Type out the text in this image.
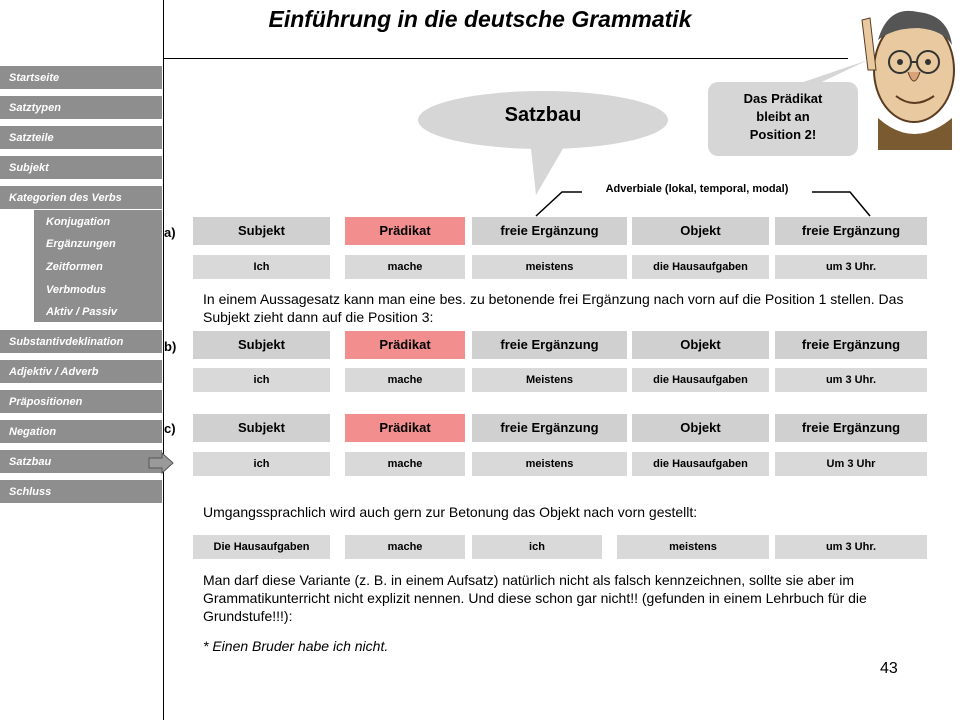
Einführung in die deutsche Grammatik
Startseite
Satztypen
Satzteile
Subjekt
Kategorien des Verbs
Konjugation
Ergänzungen
Zeitformen
Verbmodus
Aktiv / Passiv
Substantivdeklination
Adjektiv / Adverb
Präpositionen
Negation
Satzbau
Schluss
Satzbau
Das Prädikat
bleibt an
Position 2!
Adverbiale (lokal, temporal, modal)
a)	Subjekt	Prädikat	freie Ergänzung	Objekt	freie Ergänzung
Ich	mache	meistens	die Hausaufgaben	um 3 Uhr.
In einem Aussagesatz kann man eine bes. zu betonende frei Ergänzung nach vorn auf die Position 1 stellen. Das Subjekt zieht dann auf die Position 3:
b)	Subjekt	Prädikat	freie Ergänzung	Objekt	freie Ergänzung
ich	mache	Meistens	die Hausaufgaben	um 3 Uhr.
c)	Subjekt	Prädikat	freie Ergänzung	Objekt	freie Ergänzung
ich	mache	meistens	die Hausaufgaben	Um 3 Uhr
Umgangssprachlich wird auch gern zur Betonung das Objekt nach vorn gestellt:
Die Hausaufgaben	mache	ich	meistens	um 3 Uhr.
Man darf diese Variante (z. B. in einem Aufsatz) natürlich nicht als falsch kennzeichnen, sollte sie aber im Grammatikunterricht nicht explizit nennen. Und diese schon gar nicht!! (gefunden in einem Lehrbuch für die Grundstufe!!!):
* Einen Bruder habe ich nicht.
43
